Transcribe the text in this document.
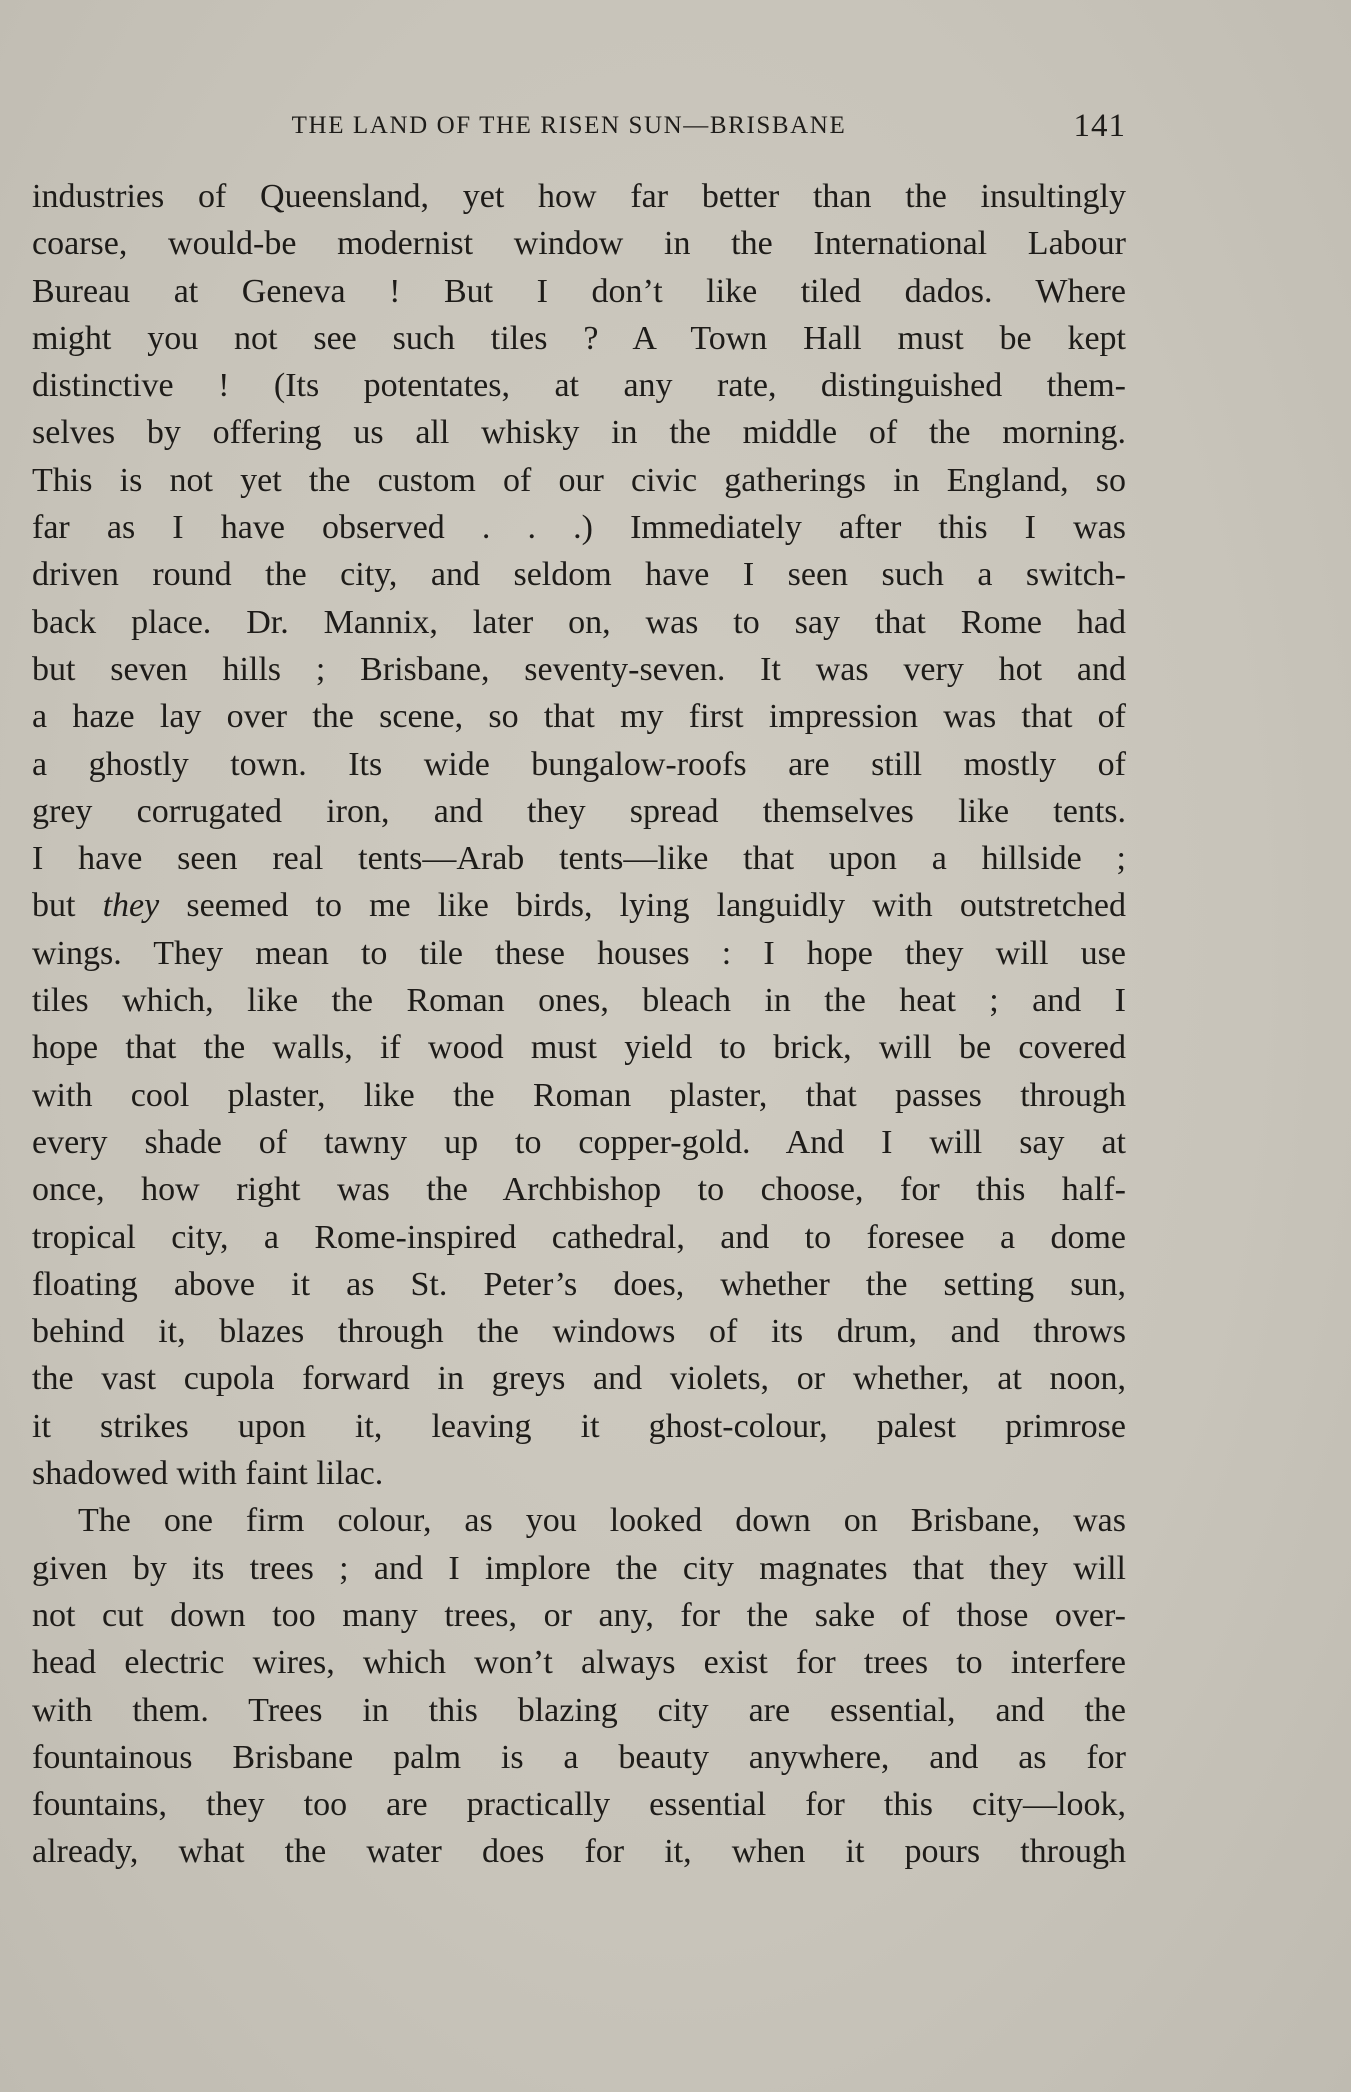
THE LAND OF THE RISEN SUN—BRISBANE	141
industries of Queensland, yet how far better than the insultingly
coarse, would-be modernist window in the International Labour
Bureau at Geneva ! But I don’t like tiled dados. Where
might you not see such tiles ? A Town Hall must be kept
distinctive ! (Its potentates, at any rate, distinguished them-
selves by offering us all whisky in the middle of the morning.
This is not yet the custom of our civic gatherings in England, so
far as I have observed . . .) Immediately after this I was
driven round the city, and seldom have I seen such a switch-
back place. Dr. Mannix, later on, was to say that Rome had
but seven hills ; Brisbane, seventy-seven. It was very hot and
a haze lay over the scene, so that my first impression was that of
a ghostly town. Its wide bungalow-roofs are still mostly of
grey corrugated iron, and they spread themselves like tents.
I have seen real tents—Arab tents—like that upon a hillside ;
but they seemed to me like birds, lying languidly with outstretched
wings. They mean to tile these houses : I hope they will use
tiles which, like the Roman ones, bleach in the heat ; and I
hope that the walls, if wood must yield to brick, will be covered
with cool plaster, like the Roman plaster, that passes through
every shade of tawny up to copper-gold. And I will say at
once, how right was the Archbishop to choose, for this half-
tropical city, a Rome-inspired cathedral, and to foresee a dome
floating above it as St. Peter’s does, whether the setting sun,
behind it, blazes through the windows of its drum, and throws
the vast cupola forward in greys and violets, or whether, at noon,
it strikes upon it, leaving it ghost-colour, palest primrose
shadowed with faint lilac.
The one firm colour, as you looked down on Brisbane, was
given by its trees ; and I implore the city magnates that they will
not cut down too many trees, or any, for the sake of those over-
head electric wires, which won’t always exist for trees to interfere
with them. Trees in this blazing city are essential, and the
fountainous Brisbane palm is a beauty anywhere, and as for
fountains, they too are practically essential for this city—look,
already, what the water does for it, when it pours through
